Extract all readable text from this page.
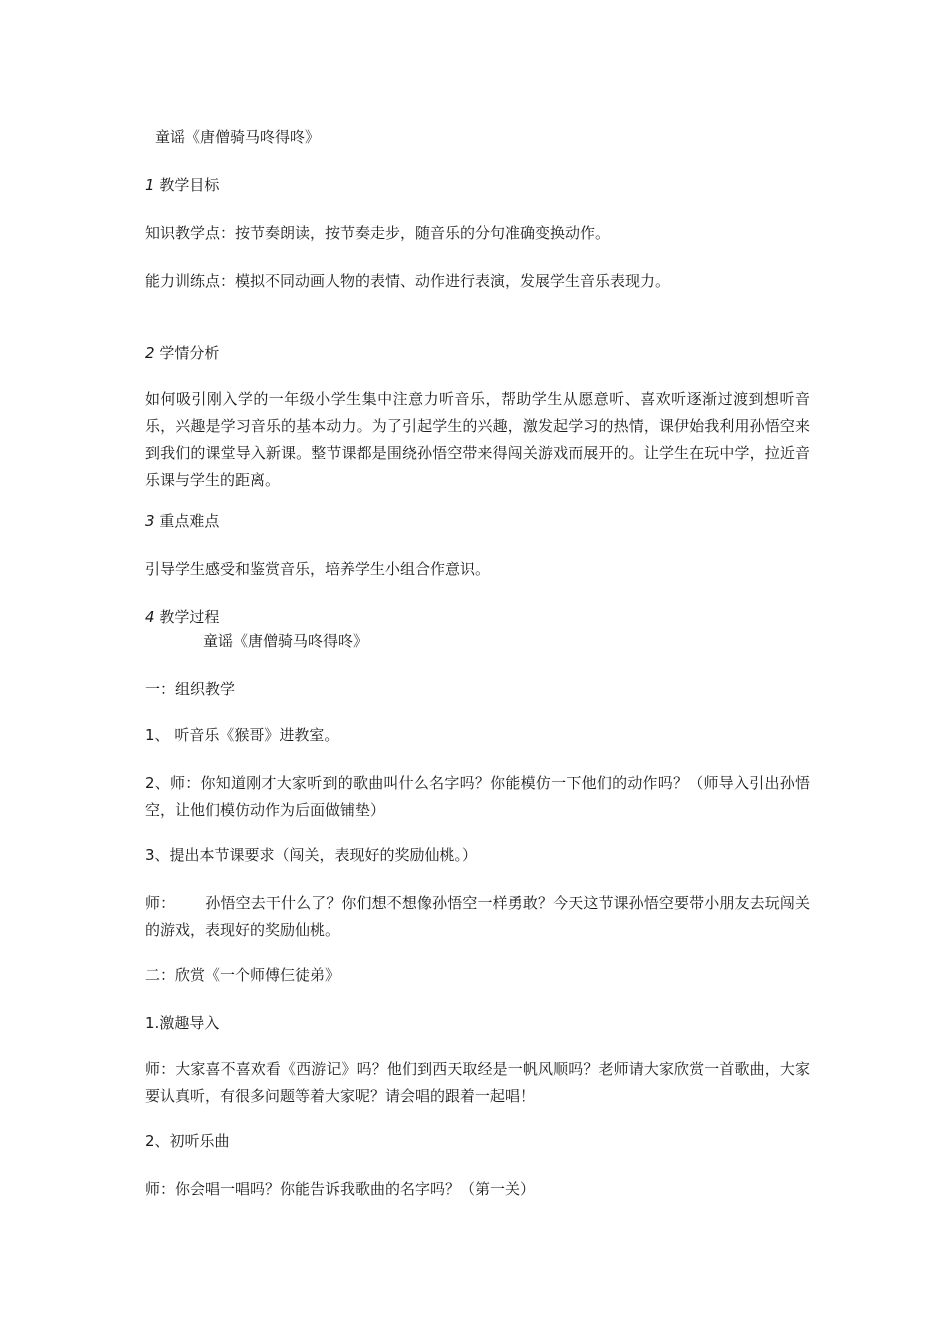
童谣《唐僧骑马咚得咚》

1 教学目标

知识教学点：按节奏朗读，按节奏走步，随音乐的分句准确变换动作。

能力训练点：模拟不同动画人物的表情、动作进行表演，发展学生音乐表现力。

2 学情分析

如何吸引刚入学的一年级小学生集中注意力听音乐，帮助学生从愿意听、喜欢听逐渐过渡到想听音乐，兴趣是学习音乐的基本动力。为了引起学生的兴趣，激发起学习的热情，课伊始我利用孙悟空来到我们的课堂导入新课。整节课都是围绕孙悟空带来得闯关游戏而展开的。让学生在玩中学，拉近音乐课与学生的距离。

3 重点难点

引导学生感受和鉴赏音乐，培养学生小组合作意识。

4 教学过程

童谣《唐僧骑马咚得咚》

一：组织教学

1、 听音乐《猴哥》进教室。

2、师：你知道刚才大家听到的歌曲叫什么名字吗？你能模仿一下他们的动作吗？（师导入引出孙悟空，让他们模仿动作为后面做铺垫）

3、提出本节课要求（闯关，表现好的奖励仙桃。）

师： 孙悟空去干什么了？你们想不想像孙悟空一样勇敢？今天这节课孙悟空要带小朋友去玩闯关的游戏，表现好的奖励仙桃。

二：欣赏《一个师傅仨徒弟》

1.激趣导入

师：大家喜不喜欢看《西游记》吗？他们到西天取经是一帆风顺吗？老师请大家欣赏一首歌曲，大家要认真听，有很多问题等着大家呢？请会唱的跟着一起唱！

2、初听乐曲

师：你会唱一唱吗？你能告诉我歌曲的名字吗？（第一关）
